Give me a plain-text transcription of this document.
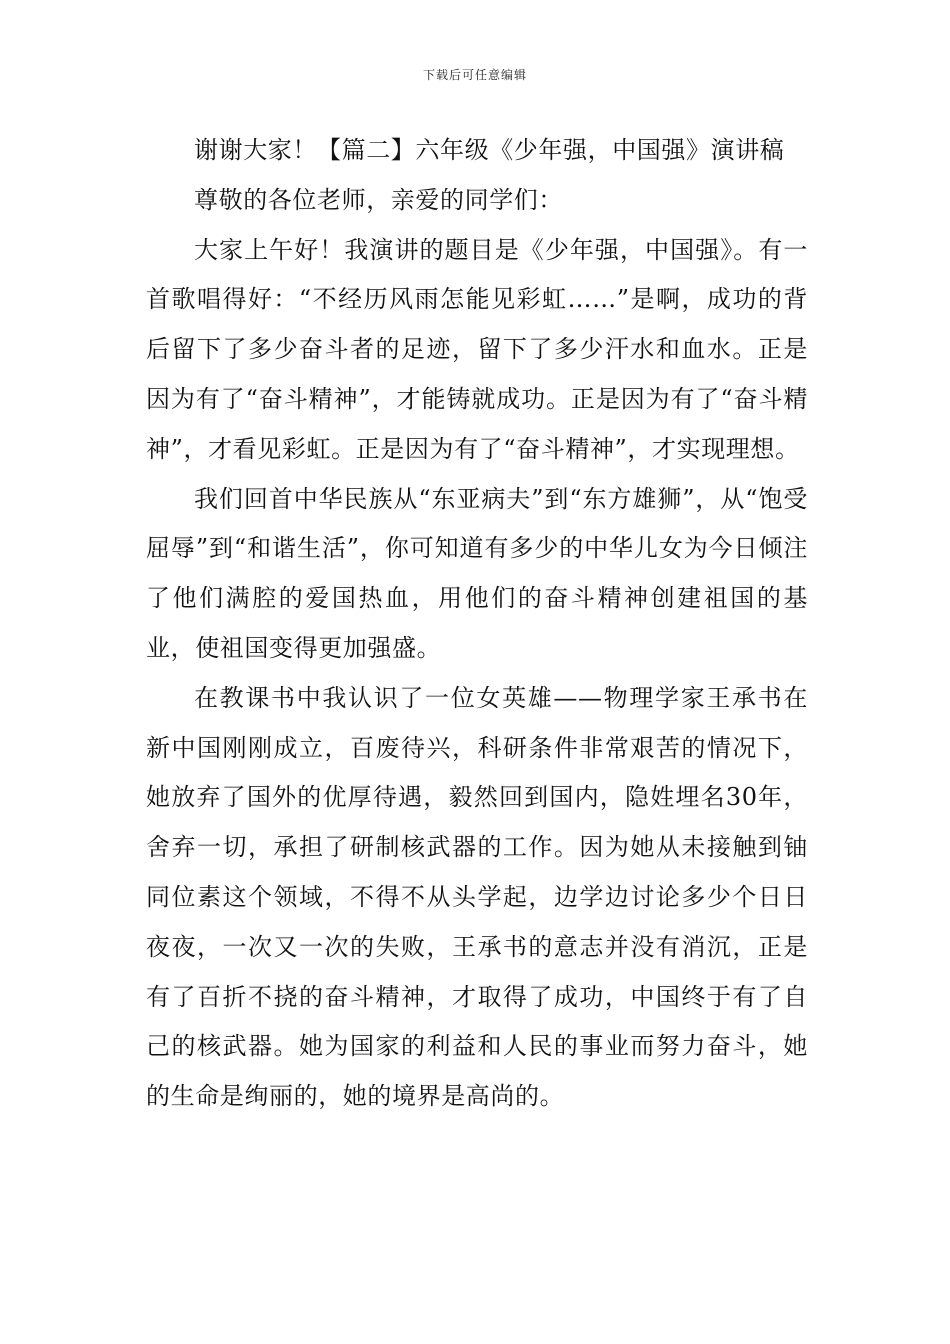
下载后可任意编辑

谢谢大家！【篇二】六年级《少年强，中国强》演讲稿

尊敬的各位老师，亲爱的同学们：

大家上午好！我演讲的题目是《少年强，中国强》。有一首歌唱得好：“不经历风雨怎能见彩虹……”是啊，成功的背后留下了多少奋斗者的足迹，留下了多少汗水和血水。正是因为有了“奋斗精神”，才能铸就成功。正是因为有了“奋斗精神”，才看见彩虹。正是因为有了“奋斗精神”，才实现理想。

我们回首中华民族从“东亚病夫”到“东方雄狮”，从“饱受屈辱”到“和谐生活”，你可知道有多少的中华儿女为今日倾注了他们满腔的爱国热血，用他们的奋斗精神创建祖国的基业，使祖国变得更加强盛。

在教课书中我认识了一位女英雄——物理学家王承书在新中国刚刚成立，百废待兴，科研条件非常艰苦的情况下，她放弃了国外的优厚待遇，毅然回到国内，隐姓埋名30年，舍弃一切，承担了研制核武器的工作。因为她从未接触到铀同位素这个领域，不得不从头学起，边学边讨论多少个日日夜夜，一次又一次的失败，王承书的意志并没有消沉，正是有了百折不挠的奋斗精神，才取得了成功，中国终于有了自己的核武器。她为国家的利益和人民的事业而努力奋斗，她的生命是绚丽的，她的境界是高尚的。
